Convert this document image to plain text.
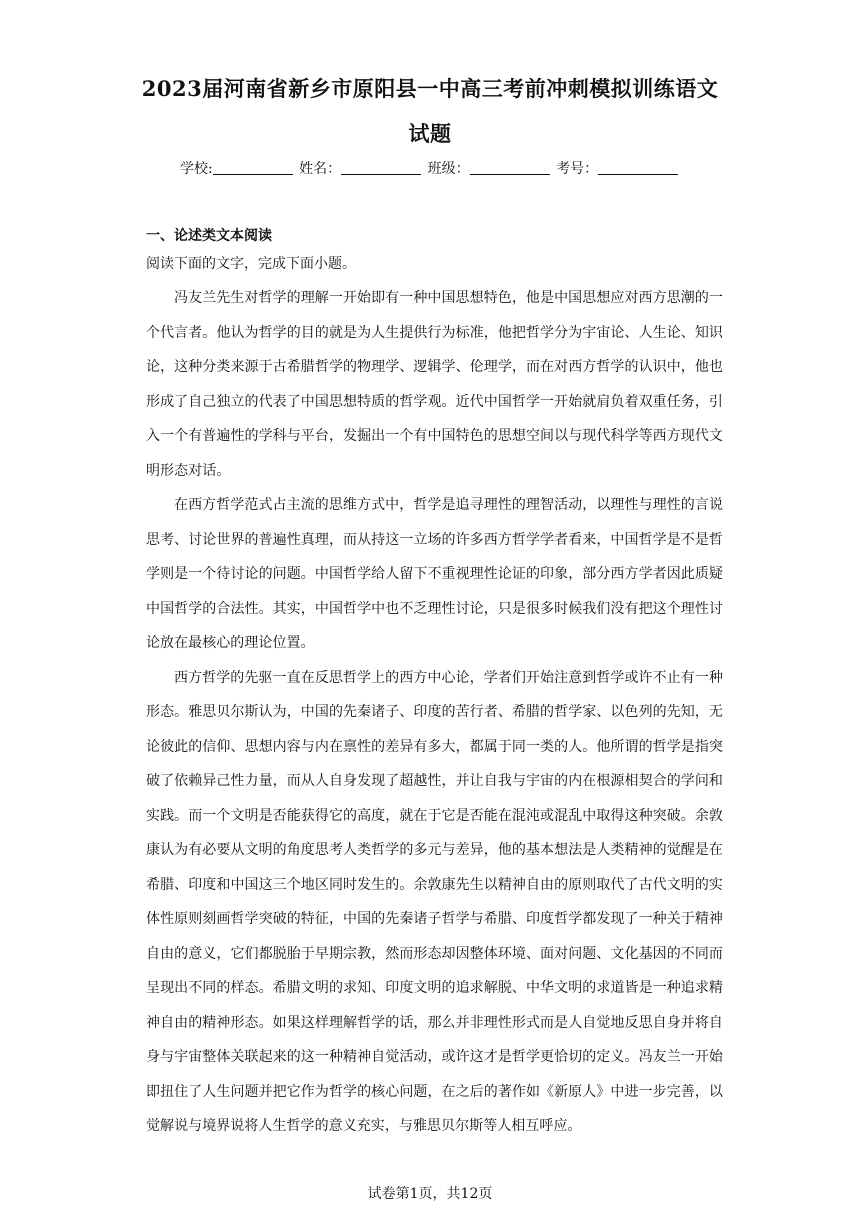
2023届河南省新乡市原阳县一中高三考前冲刺模拟训练语文
试题
学校:	姓名：	班级：	考号：
一、论述类文本阅读
阅读下面的文字，完成下面小题。

冯友兰先生对哲学的理解一开始即有一种中国思想特色，他是中国思想应对西方思潮的一个代言者。他认为哲学的目的就是为人生提供行为标准，他把哲学分为宇宙论、人生论、知识论，这种分类来源于古希腊哲学的物理学、逻辑学、伦理学，而在对西方哲学的认识中，他也形成了自己独立的代表了中国思想特质的哲学观。近代中国哲学一开始就肩负着双重任务，引入一个有普遍性的学科与平台，发掘出一个有中国特色的思想空间以与现代科学等西方现代文明形态对话。

在西方哲学范式占主流的思维方式中，哲学是追寻理性的理智活动，以理性与理性的言说思考、讨论世界的普遍性真理，而从持这一立场的许多西方哲学学者看来，中国哲学是不是哲学则是一个待讨论的问题。中国哲学给人留下不重视理性论证的印象，部分西方学者因此质疑中国哲学的合法性。其实，中国哲学中也不乏理性讨论，只是很多时候我们没有把这个理性讨论放在最核心的理论位置。

西方哲学的先驱一直在反思哲学上的西方中心论，学者们开始注意到哲学或许不止有一种形态。雅思贝尔斯认为，中国的先秦诸子、印度的苦行者、希腊的哲学家、以色列的先知，无论彼此的信仰、思想内容与内在禀性的差异有多大，都属于同一类的人。他所谓的哲学是指突破了依赖异己性力量，而从人自身发现了超越性，并让自我与宇宙的内在根源相契合的学问和实践。而一个文明是否能获得它的高度，就在于它是否能在混沌或混乱中取得这种突破。余敦康认为有必要从文明的角度思考人类哲学的多元与差异，他的基本想法是人类精神的觉醒是在希腊、印度和中国这三个地区同时发生的。余敦康先生以精神自由的原则取代了古代文明的实体性原则刻画哲学突破的特征，中国的先秦诸子哲学与希腊、印度哲学都发现了一种关于精神自由的意义，它们都脱胎于早期宗教，然而形态却因整体环境、面对问题、文化基因的不同而呈现出不同的样态。希腊文明的求知、印度文明的追求解脱、中华文明的求道皆是一种追求精神自由的精神形态。如果这样理解哲学的话，那么并非理性形式而是人自觉地反思自身并将自身与宇宙整体关联起来的这一种精神自觉活动，或许这才是哲学更恰切的定义。冯友兰一开始即扭住了人生问题并把它作为哲学的核心问题，在之后的著作如《新原人》中进一步完善，以觉解说与境界说将人生哲学的意义充实，与雅思贝尔斯等人相互呼应。

试卷第1页，共12页
